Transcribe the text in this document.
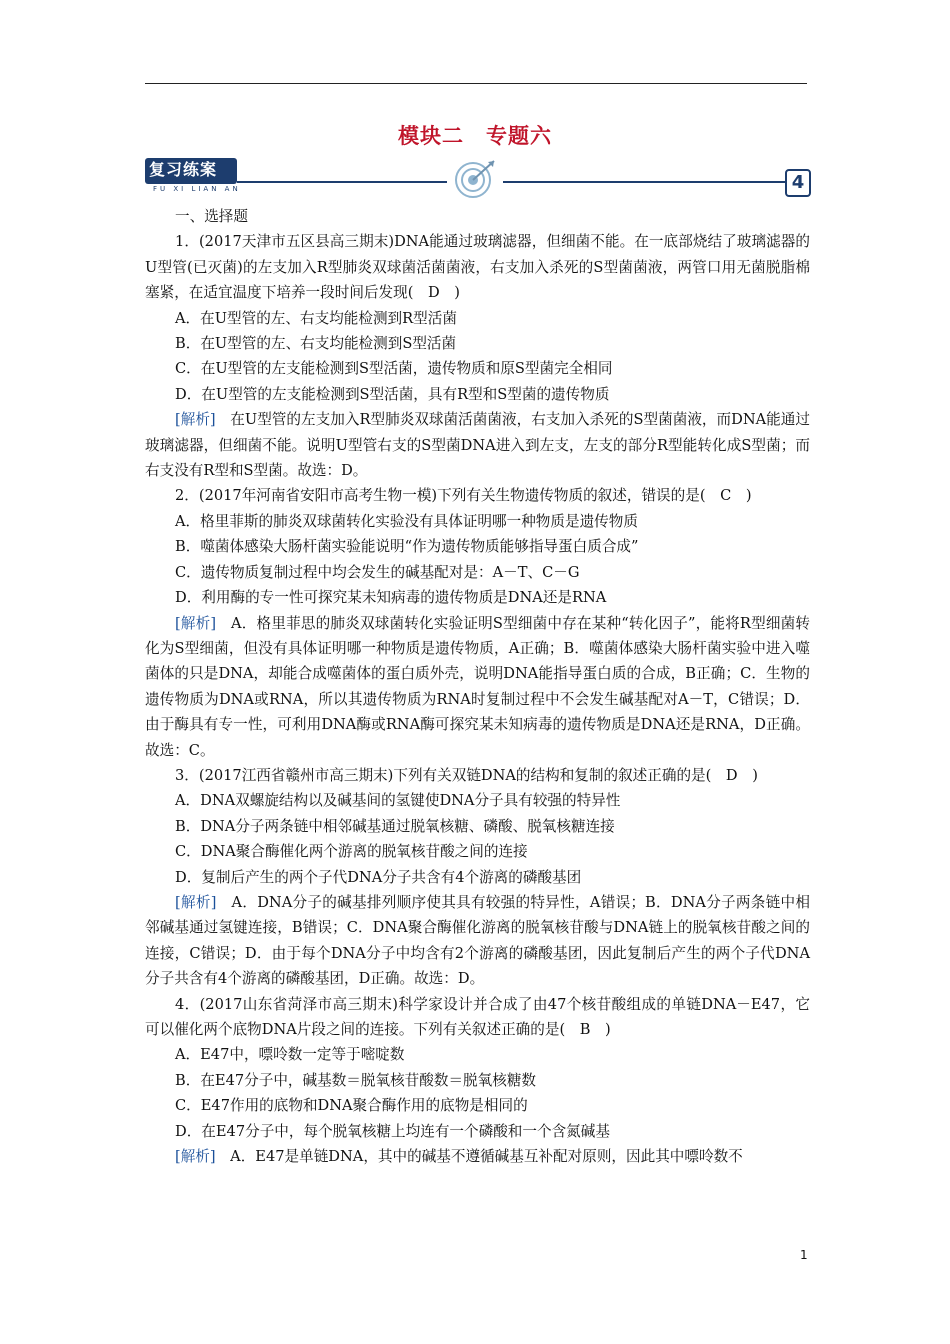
模块二　专题六
复习练案
FU XI LIAN AN	4

一、选择题

1．(2017天津市五区县高三期末)DNA能通过玻璃滤器，但细菌不能。在一底部烧结了玻璃滤器的U型管(已灭菌)的左支加入R型肺炎双球菌活菌菌液，右支加入杀死的S型菌菌液，两管口用无菌脱脂棉塞紧，在适宜温度下培养一段时间后发现(　D　)

A．在U型管的左、右支均能检测到R型活菌

B．在U型管的左、右支均能检测到S型活菌

C．在U型管的左支能检测到S型活菌，遗传物质和原S型菌完全相同

D．在U型管的左支能检测到S型活菌，具有R型和S型菌的遗传物质

[解析]　在U型管的左支加入R型肺炎双球菌活菌菌液，右支加入杀死的S型菌菌液，而DNA能通过玻璃滤器，但细菌不能。说明U型管右支的S型菌DNA进入到左支，左支的部分R型能转化成S型菌；而右支没有R型和S型菌。故选：D。

2．(2017年河南省安阳市高考生物一模)下列有关生物遗传物质的叙述，错误的是(　C　)

A．格里菲斯的肺炎双球菌转化实验没有具体证明哪一种物质是遗传物质

B．噬菌体感染大肠杆菌实验能说明“作为遗传物质能够指导蛋白质合成”

C．遗传物质复制过程中均会发生的碱基配对是：A－T、C－G

D．利用酶的专一性可探究某未知病毒的遗传物质是DNA还是RNA

[解析]　A．格里菲思的肺炎双球菌转化实验证明S型细菌中存在某种“转化因子”，能将R型细菌转化为S型细菌，但没有具体证明哪一种物质是遗传物质，A正确；B．噬菌体感染大肠杆菌实验中进入噬菌体的只是DNA，却能合成噬菌体的蛋白质外壳，说明DNA能指导蛋白质的合成，B正确；C．生物的遗传物质为DNA或RNA，所以其遗传物质为RNA时复制过程中不会发生碱基配对A－T，C错误；D．由于酶具有专一性，可利用DNA酶或RNA酶可探究某未知病毒的遗传物质是DNA还是RNA，D正确。故选：C。

3．(2017江西省赣州市高三期末)下列有关双链DNA的结构和复制的叙述正确的是(　D　)

A．DNA双螺旋结构以及碱基间的氢键使DNA分子具有较强的特异性

B．DNA分子两条链中相邻碱基通过脱氧核糖、磷酸、脱氧核糖连接

C．DNA聚合酶催化两个游离的脱氧核苷酸之间的连接

D．复制后产生的两个子代DNA分子共含有4个游离的磷酸基团

[解析]　A．DNA分子的碱基排列顺序使其具有较强的特异性，A错误；B．DNA分子两条链中相邻碱基通过氢键连接，B错误；C．DNA聚合酶催化游离的脱氧核苷酸与DNA链上的脱氧核苷酸之间的连接，C错误；D．由于每个DNA分子中均含有2个游离的磷酸基团，因此复制后产生的两个子代DNA分子共含有4个游离的磷酸基团，D正确。故选：D。

4．(2017山东省菏泽市高三期末)科学家设计并合成了由47个核苷酸组成的单链DNA－E47，它可以催化两个底物DNA片段之间的连接。下列有关叙述正确的是(　B　)

A．E47中，嘌呤数一定等于嘧啶数

B．在E47分子中，碱基数＝脱氧核苷酸数＝脱氧核糖数

C．E47作用的底物和DNA聚合酶作用的底物是相同的

D．在E47分子中，每个脱氧核糖上均连有一个磷酸和一个含氮碱基

[解析]　A．E47是单链DNA，其中的碱基不遵循碱基互补配对原则，因此其中嘌呤数不

1
